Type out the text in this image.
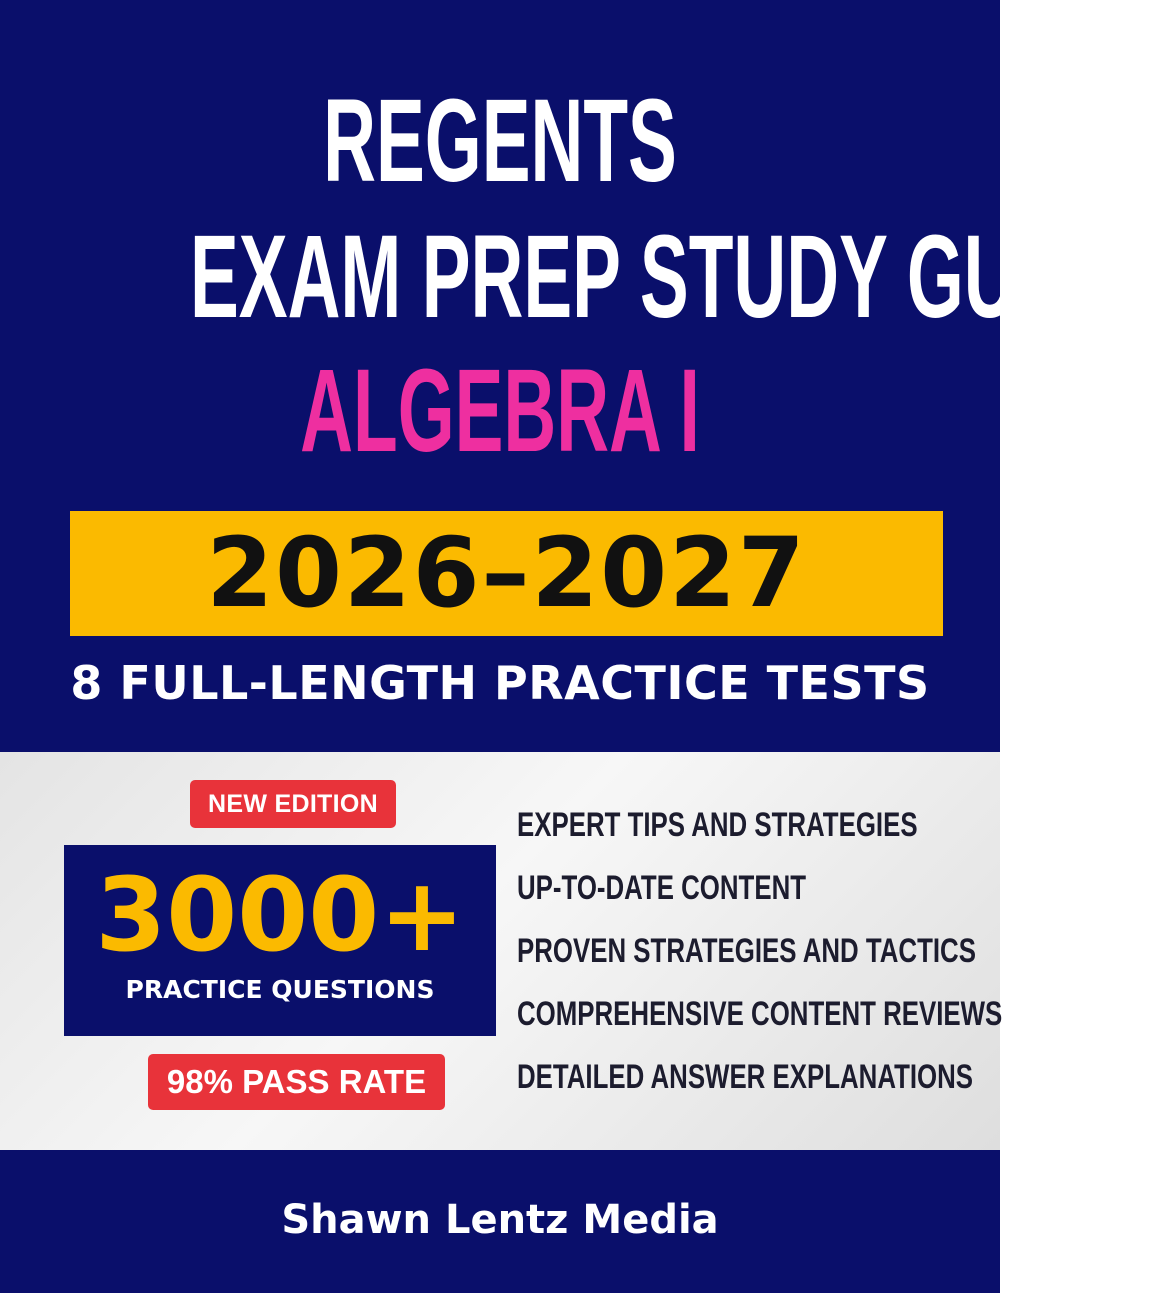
REGENTS
EXAM PREP STUDY GUIDE
ALGEBRA I
2026–2027
8 FULL-LENGTH PRACTICE TESTS
NEW EDITION
3000+
PRACTICE QUESTIONS
98% PASS RATE
EXPERT TIPS AND STRATEGIES
UP-TO-DATE CONTENT
PROVEN STRATEGIES AND TACTICS
COMPREHENSIVE CONTENT REVIEWS
DETAILED ANSWER EXPLANATIONS
Shawn Lentz Media
